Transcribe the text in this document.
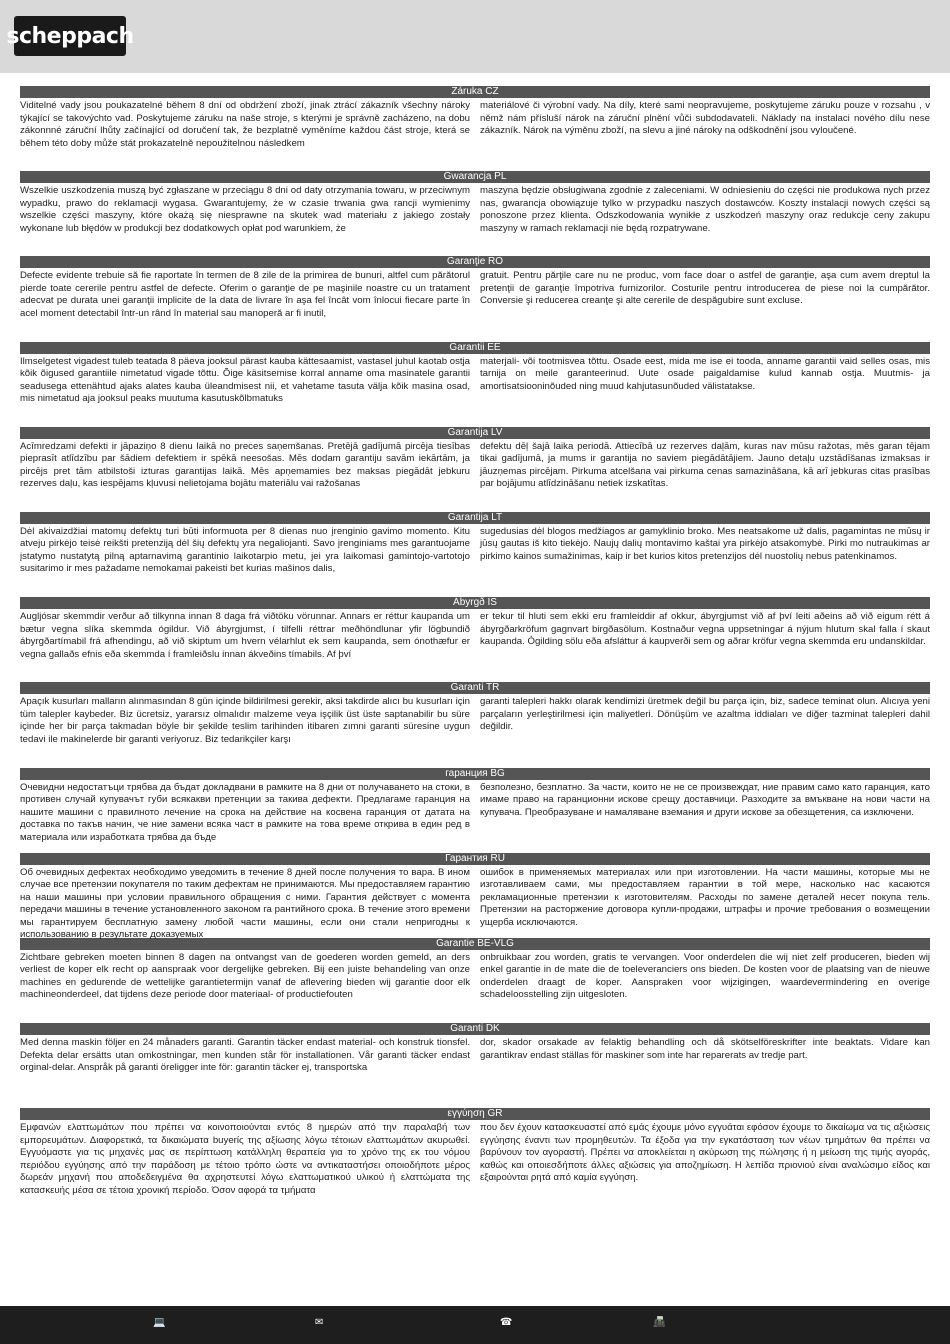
scheppach
Záruka CZ
Viditelné vady jsou poukazatelné během 8 dní od obdržení zboží, jinak ztrácí zákazník všechny nároky týkající se takovýchto vad. Poskytujeme záruku na naše stroje, s kterými je správně zacházeno, na dobu zákonnné záruční lhůty začínající od doručení tak, že bezplatně vyměníme každou část stroje, která se během této doby může stát prokazatelně nepoužitelnou následkem
materiálové či výrobní vady. Na díly, které sami neopravujeme, poskytujeme záruku pouze v rozsahu , v němž nám přísluší nárok na záruční plnění vůči subdodavateli. Náklady na instalaci nového dílu nese zákazník. Nárok na výměnu zboží, na slevu a jiné nároky na odškodnění jsou vyloučené.
Gwarancja PL
Wszelkie uszkodzenia muszą być zgłaszane w przeciągu 8 dni od daty otrzymania towaru, w przeciwnym wypadku, prawo do reklamacji wygasa. Gwarantujemy, że w czasie trwania gwa rancji wymienimy wszelkie części maszyny, które okażą się niesprawne na skutek wad materiału z jakiego zostały wykonane lub błędów w produkcji bez dodatkowych opłat pod warunkiem, że
maszyna będzie obsługiwana zgodnie z zaleceniami. W odniesieniu do części nie produkowa nych przez nas, gwarancja obowiązuje tylko w przypadku naszych dostawców. Koszty instalacji nowych części są ponoszone przez klienta. Odszkodowania wynikłe z uszkodzeń maszyny oraz redukcje ceny zakupu maszyny w ramach reklamacji nie będą rozpatrywane.
Garanţie RO
Defecte evidente trebuie să fie raportate în termen de 8 zile de la primirea de bunuri, altfel cum părătorul pierde toate cererile pentru astfel de defecte. Oferim o garanţie de pe maşinile noastre cu un tratament adecvat pe durata unei garanţii implicite de la data de livrare în aşa fel încât vom înlocui fiecare parte în acel moment detectabil într-un rând în material sau manoperă ar fi inutil,
gratuit. Pentru părţile care nu ne produc, vom face doar o astfel de garanţie, aşa cum avem dreptul la pretenţii de garanţie împotriva furnizorilor. Costurile pentru introducerea de piese noi la cumpărător. Conversie şi reducerea creanţe şi alte cererile de despăgubire sunt excluse.
Garantii EE
Ilmselgetest vigadest tuleb teatada 8 päeva jooksul pärast kauba kättesaamist, vastasel juhul kaotab ostja kõik õigused garantiile nimetatud vigade tõttu. Õige käsitsemise korral anname oma masinatele garantii seadusega ettenähtud ajaks alates kauba üleandmisest nii, et vahetame tasuta välja kõik masina osad, mis nimetatud aja jooksul peaks muutuma kasutuskõlbmatuks
materjali- või tootmisvea tõttu. Osade eest, mida me ise ei tooda, anname garantii vaid selles osas, mis tarnija on meile garanteerinud. Uute osade paigaldamise kulud kannab ostja. Muutmis- ja amortisatsiooninõuded ning muud kahjutasunõuded välistatakse.
Garantija LV
Acīmredzami defekti ir jāpaziņo 8 dienu laikā no preces saņemšanas. Pretējā gadījumā pircēja tiesības pieprasīt atlīdzību par šādiem defektiem ir spēkā neesošas. Mēs dodam garantiju savām iekārtām, ja pircējs pret tām atbilstoši izturas garantijas laikā. Mēs apņemamies bez maksas piegādāt jebkuru rezerves daļu, kas iespējams kļuvusi nelietojama bojātu materiālu vai ražošanas
defektu dēļ šajā laika periodā. Attiecībā uz rezerves daļām, kuras nav mūsu ražotas, mēs garan tējam tikai gadījumā, ja mums ir garantija no saviem piegādātājiem. Jauno detaļu uzstādīšanas izmaksas ir jāuzņemas pircējam. Pirkuma atcelšana vai pirkuma cenas samazināšana, kā arī jebkuras citas prasības par bojājumu atlīdzināšanu netiek izskatītas.
Garantija LT
Dėl akivaizdžiai matomų defektų turi būti informuota per 8 dienas nuo įrenginio gavimo momento. Kitu atveju pirkėjo teisė reikšti pretenziją dėl šių defektų yra negaliojanti. Savo įrenginiams mes garantuojame įstatymo nustatytą pilną aptarnavimą garantinio laikotarpio metu, jei yra laikomasi gamintojo-vartotojo susitarimo ir mes pažadame nemokamai pakeisti bet kurias mašinos dalis,
sugedusias dėl blogos medžiagos ar gamyklinio broko. Mes neatsakome už dalis, pagamintas ne mūsų ir jūsų gautas iš kito tiekėjo. Naujų dalių montavimo kaštai yra pirkėjo atsakomybė. Pirki mo nutraukimas ar pirkimo kainos sumažinimas, kaip ir bet kurios kitos pretenzijos dėl nuostolių nebus patenkinamos.
Ábyrgð IS
Augljósar skemmdir verður að tilkynna innan 8 daga frá viðtöku vörunnar. Annars er réttur kaupanda um bætur vegna slíka skemmda ógildur. Við ábyrgjumst, í tilfelli réttrar meðhöndlunar yfir lögbundið ábyrgðartímabil frá afhendingu, að við skiptum um hvern vélarhlut ek sem kaupanda, sem ónothæfur er vegna gallaðs efnis eða skemmda í framleiðslu innan ákveðins tímabils. Af því
er tekur til hluti sem ekki eru framleiddir af okkur, ábyrgjumst við af því leiti aðeins að við eigum rétt á ábyrgðarkröfum gagnvart birgðasölum. Kostnaður vegna uppsetningar á nýjum hlutum skal falla í skaut kaupanda. Ógilding sölu eða afsláttur á kaupverði sem og aðrar kröfur vegna skemmda eru undanskildar.
Garanti TR
Apaçık kusurları malların alınmasından 8 gün içinde bildirilmesi gerekir, aksi takdirde alıcı bu kusurları için tüm talepler kaybeder. Biz ücretsiz, yararsız olmalıdır malzeme veya işçilik üst üste saptanabilir bu süre içinde her bir parça takmadan böyle bir şekilde teslim tarihinden itibaren zımni garanti süresine uygun tedavi ile makinelerde bir garanti veriyoruz. Biz tedarikçiler karşı
garanti talepleri hakkı olarak kendimizi üretmek değil bu parça için, biz, sadece teminat olun. Alıcıya yeni parçaların yerleştirilmesi için maliyetleri. Dönüşüm ve azaltma iddiaları ve diğer tazminat talepleri dahil değildir.
гаранция BG
Очевидни недостатъци трябва да бъдат докладвани в рамките на 8 дни от получаването на стоки, в противен случай купувачът губи всякакви претенции за такива дефекти. Предлагаме гаранция на нашите машини с правилното лечение на срока на действие на косвена гаранция от датата на доставка по такъв начин, че ние замени всяка част в рамките на това време открива в един ред в материала или изработката трябва да бъде
безполезно, безплатно. За части, които не не се произвеждат, ние правим само като гаранция, като имаме право на гаранционни искове срещу доставчици. Разходите за вмъкване на нови части на купувача. Преобразуване и намаляване вземания и други искове за обезщетения, са изключени.
Гарантия RU
Об очевидных дефектах необходимо уведомить в течение 8 дней после получения то вара. В ином случае все претензии покупателя по таким дефектам не принимаются. Мы предоставляем гарантию на наши машины при условии правильного обращения с ними. Гарантия действует с момента передачи машины в течение установленного законом га рантийного срока. В течение этого времени мы гарантируем бесплатную замену любой части машины, если они стали непригодны к использованию в результате доказуемых
ошибок в применяемых материалах или при изготовлении. На части машины, которые мы не изготавливаем сами, мы предоставляем гарантии в той мере, насколько нас касаются рекламационные претензии к изготовителям. Расходы по замене деталей несет покупа тель. Претензии на расторжение договора купли-продажи, штрафы и прочие требования о возмещении ущерба исключаются.
Garantie BE-VLG
Zichtbare gebreken moeten binnen 8 dagen na ontvangst van de goederen worden gemeld, an ders verliest de koper elk recht op aanspraak voor dergelijke gebreken. Bij een juiste behandeling van onze machines en gedurende de wettelijke garantietermijn vanaf de aflevering bieden wij garantie door elk machineonderdeel, dat tijdens deze periode door materiaal- of productiefouten
onbruikbaar zou worden, gratis te vervangen. Voor onderdelen die wij niet zelf produceren, bieden wij enkel garantie in de mate die de toeleveranciers ons bieden. De kosten voor de plaatsing van de nieuwe onderdelen draagt de koper. Aanspraken voor wijzigingen, waardevermindering en overige schadeloosstelling zijn uitgesloten.
Garanti DK
Med denna maskin följer en 24 månaders garanti. Garantin täcker endast material- och konstruk tionsfel. Defekta delar ersätts utan omkostningar, men kunden står för installationen. Vår garanti täcker endast orginal-delar. Anspråk på garanti öreligger inte för: garantin täcker ej, transportska
dor, skador orsakade av felaktig behandling och då skötselföreskrifter inte beaktats. Vidare kan garantikrav endast ställas för maskiner som inte har reparerats av tredje part.
εγγύηση GR
Εμφανών ελαττωμάτων που πρέπει να κοινοποιούνται εντός 8 ημερών από την παραλαβή των εμπορευμάτων. Διαφορετικά, τα δικαιώματα buyerίς της αξίωσης λόγω τέτοιων ελαττωμάτων ακυρωθεί. Εγγυόμαστε για τις μηχανές μας σε περίπτωση κατάλληλη θεραπεία για το χρόνο της εκ του νόμου περιόδου εγγύησης από την παράδοση με τέτοιο τρόπο ώστε να αντικαταστήσει οποιοδήποτε μέρος δωρεάν μηχανή που αποδεδειγμένα θα αχρηστευτεί λόγω ελαττωματικού υλικού ή ελαττώματα της κατασκευής μέσα σε τέτοια χρονική περίοδο. Όσον αφορά τα τμήματα
που δεν έχουν κατασκευαστεί από εμάς έχουμε μόνο εγγυάται εφόσον έχουμε το δικαίωμα να τις αξιώσεις εγγύησης έναντι των προμηθευτών. Τα έξοδα για την εγκατάσταση των νέων τμημάτων θα πρέπει να βαρύνουν τον αγοραστή. Πρέπει να αποκλείεται η ακύρωση της πώλησης ή η μείωση της τιμής αγοράς, καθώς και οποιεσδήποτε άλλες αξιώσεις για αποζημίωση. Η λεπίδα πριονιού είναι αναλώσιμο είδος και εξαιρούνται ρητά από καμία εγγύηση.
💻	✉	☎	📠
